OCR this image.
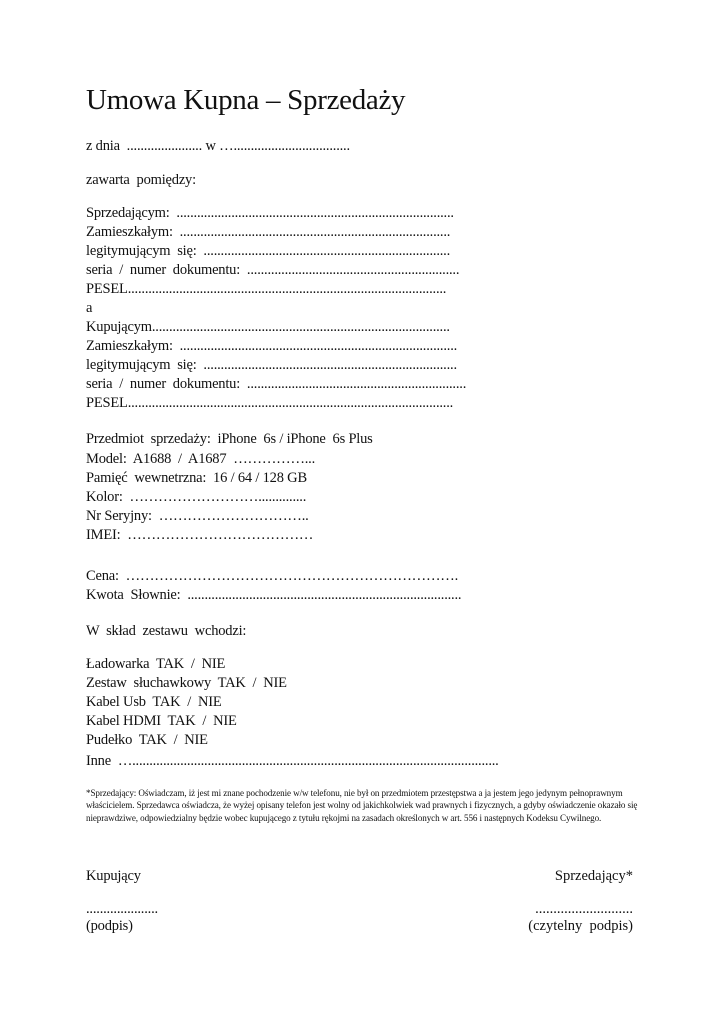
Umowa Kupna – Sprzedaży
z dnia  ...................... w …..................................
zawarta  pomiędzy:
Sprzedającym:  .................................................................................
Zamieszkałym:  ...............................................................................
legitymującym  się:  ........................................................................
seria  /  numer  dokumentu:  ..............................................................
PESEL.............................................................................................
a
Kupującym.......................................................................................
Zamieszkałym:  .................................................................................
legitymującym  się:  ..........................................................................
seria  /  numer  dokumentu:  ................................................................
PESEL...............................................................................................
Przedmiot  sprzedaży:  iPhone  6s / iPhone  6s Plus
Model:  A1688  /  A1687  ……………...
Pamięć  wewnetrzna:  16 / 64 / 128 GB
Kolor:  ………………………..............
Nr Seryjny:  …………………………..
IMEI:  …………………………………
Cena:  …………………………………………………………….
Kwota  Słownie:  ................................................................................
W  skład  zestawu  wchodzi:
Ładowarka  TAK  /  NIE
Zestaw  słuchawkowy  TAK  /  NIE
Kabel Usb  TAK  /  NIE
Kabel HDMI  TAK  /  NIE
Pudełko  TAK  /  NIE
Inne  …...........................................................................................................
*Sprzedający: Oświadczam, iż jest mi znane pochodzenie w/w telefonu, nie był on przedmiotem przestępstwa a ja jestem jego jedynym pełnoprawnym właścicielem. Sprzedawca oświadcza, że wyżej opisany telefon jest wolny od jakichkolwiek wad prawnych i fizycznych, a gdyby oświadczenie okazało się nieprawdziwe, odpowiedzialny będzie wobec kupującego z tytułu rękojmi na zasadach określonych w art. 556 i następnych Kodeksu Cywilnego.
Kupujący	Sprzedający*
.....................	...........................
(podpis)	(czytelny  podpis)
